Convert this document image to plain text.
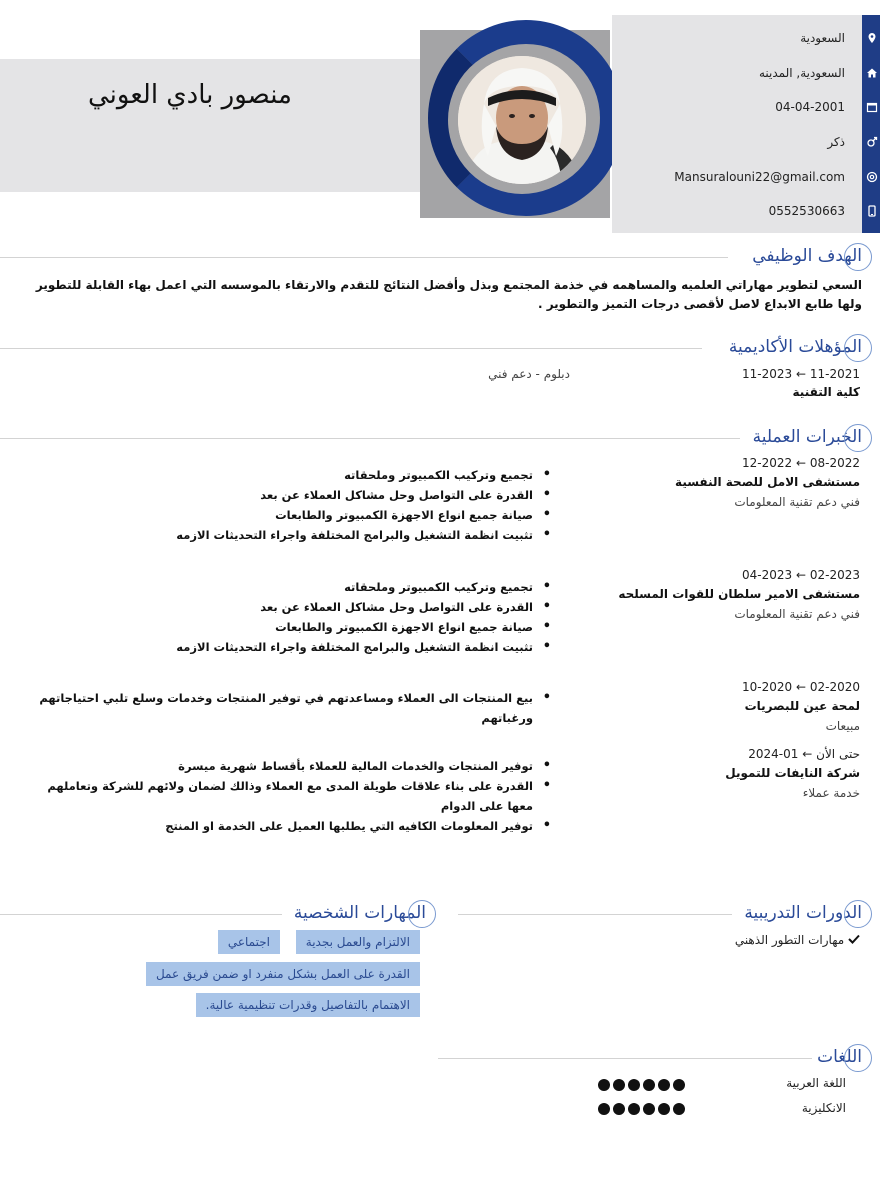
منصور بادي العوني
السعودية
السعودية, المدينه
04-04-2001
ذكر
Mansuralouni22@gmail.com
0552530663
الهدف الوظيفي
السعي لتطوير مهاراتي العلميه والمساهمه في خذمة المجتمع وبذل وأفضل النتائج للتقدم والارتقاء بالموسسه التي اعمل بهاء القابلة للتطوير ولها طابع الابداع لاصل لأقصى درجات التميز والتطوير .
المؤهلات الأكاديمية
11-2023 ← 11-2021
كلية التقنية
دبلوم - دعم فني
الخبرات العملية
12-2022 ← 08-2022
مستشفى الامل للصحة النفسية
فني دعم تقنية المعلومات
• تجميع وتركيب الكمبيوتر وملحقاته
• القدرة على التواصل وحل مشاكل العملاء عن بعد
• صيانة جميع انواع الاجهزة الكمبيوتر والطابعات
• تثبيت انظمة التشغيل والبرامج المختلفة واجراء التحديثات الازمه
04-2023 ← 02-2023
مستشفى الامير سلطان للقوات المسلحه
فني دعم تقنية المعلومات
• تجميع وتركيب الكمبيوتر وملحقاته
• القدرة على التواصل وحل مشاكل العملاء عن بعد
• صيانة جميع انواع الاجهزة الكمبيوتر والطابعات
• تثبيت انظمة التشغيل والبرامج المختلفة واجراء التحديثات الازمه
10-2020 ← 02-2020
لمحة عين للبصريات
مبيعات
• بيع المنتجات الى العملاء ومساعدتهم في توفير المنتجات وخدمات وسلع تلبي احتياجاتهم ورغباتهم
حتى الأن ← 01-2024
شركة النايفات للتمويل
خدمة عملاء
• توفير المنتجات والخدمات المالية للعملاء بأقساط شهرية ميسرة
• القدرة على بناء علاقات طويلة المدى مع العملاء وذالك لضمان ولائهم للشركة وتعاملهم معها على الدوام
• توفير المعلومات الكافيه التي يطلبها العميل على الخدمة او المنتج
الدورات التدريبية
مهارات التطور الذهني
المهارات الشخصية
الالتزام والعمل بجدية
اجتماعي
القدرة على العمل بشكل منفرد او ضمن فريق عمل
الاهتمام بالتفاصيل وقدرات تنظيمية عالية.
اللغات
اللغة العربية
الانكليزية
